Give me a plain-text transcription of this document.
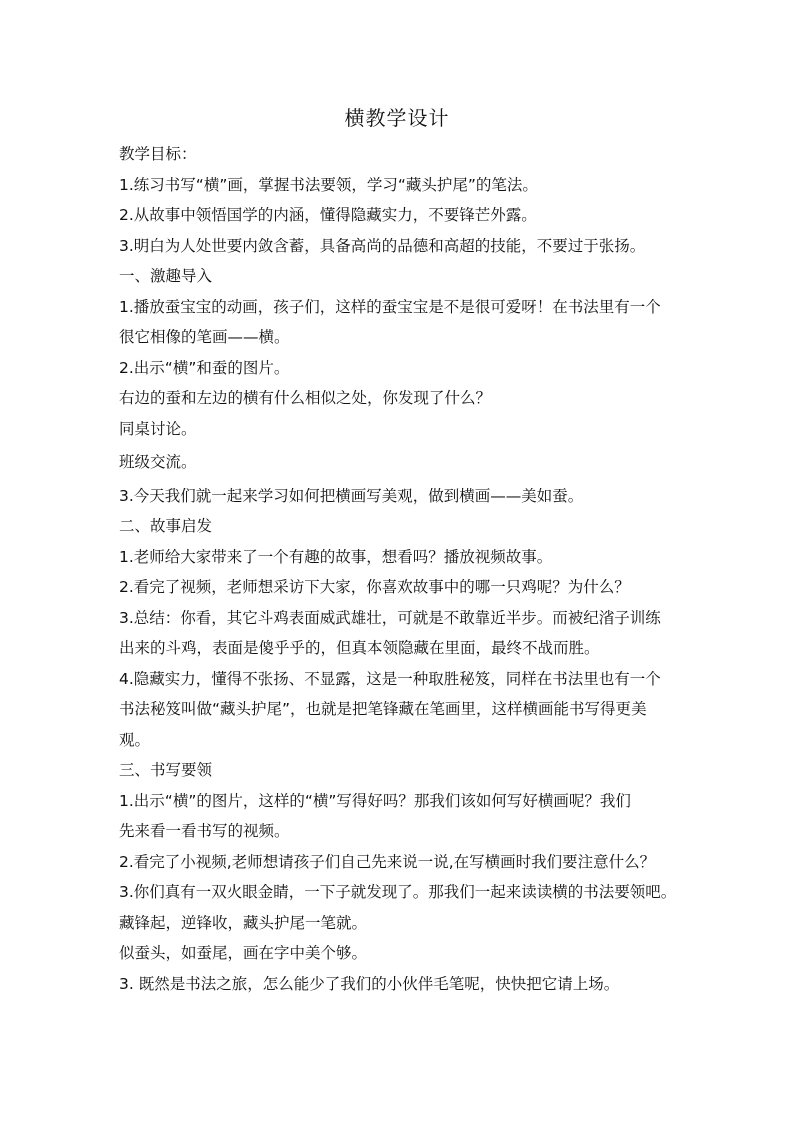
横教学设计
教学目标：
1.练习书写“横”画，掌握书法要领，学习“藏头护尾”的笔法。
2.从故事中领悟国学的内涵，懂得隐藏实力，不要锋芒外露。
3.明白为人处世要内敛含蓄，具备高尚的品德和高超的技能，不要过于张扬。
一、激趣导入
1.播放蚕宝宝的动画，孩子们，这样的蚕宝宝是不是很可爱呀！在书法里有一个
很它相像的笔画——横。
2.出示“横”和蚕的图片。
右边的蚕和左边的横有什么相似之处，你发现了什么？
同桌讨论。
班级交流。
3.今天我们就一起来学习如何把横画写美观，做到横画——美如蚕。
二、故事启发
1.老师给大家带来了一个有趣的故事，想看吗？播放视频故事。
2.看完了视频，老师想采访下大家，你喜欢故事中的哪一只鸡呢？为什么？
3.总结：你看，其它斗鸡表面威武雄壮，可就是不敢靠近半步。而被纪渻子训练
出来的斗鸡，表面是傻乎乎的，但真本领隐藏在里面，最终不战而胜。
4.隐藏实力，懂得不张扬、不显露，这是一种取胜秘笈，同样在书法里也有一个
书法秘笈叫做“藏头护尾”，也就是把笔锋藏在笔画里，这样横画能书写得更美
观。
三、书写要领
1.出示“横”的图片，这样的“横”写得好吗？那我们该如何写好横画呢？我们
先来看一看书写的视频。
2.看完了小视频,老师想请孩子们自己先来说一说,在写横画时我们要注意什么？
3.你们真有一双火眼金睛，一下子就发现了。那我们一起来读读横的书法要领吧。
藏锋起，逆锋收，藏头护尾一笔就。
似蚕头，如蚕尾，画在字中美个够。
3. 既然是书法之旅，怎么能少了我们的小伙伴毛笔呢，快快把它请上场。
